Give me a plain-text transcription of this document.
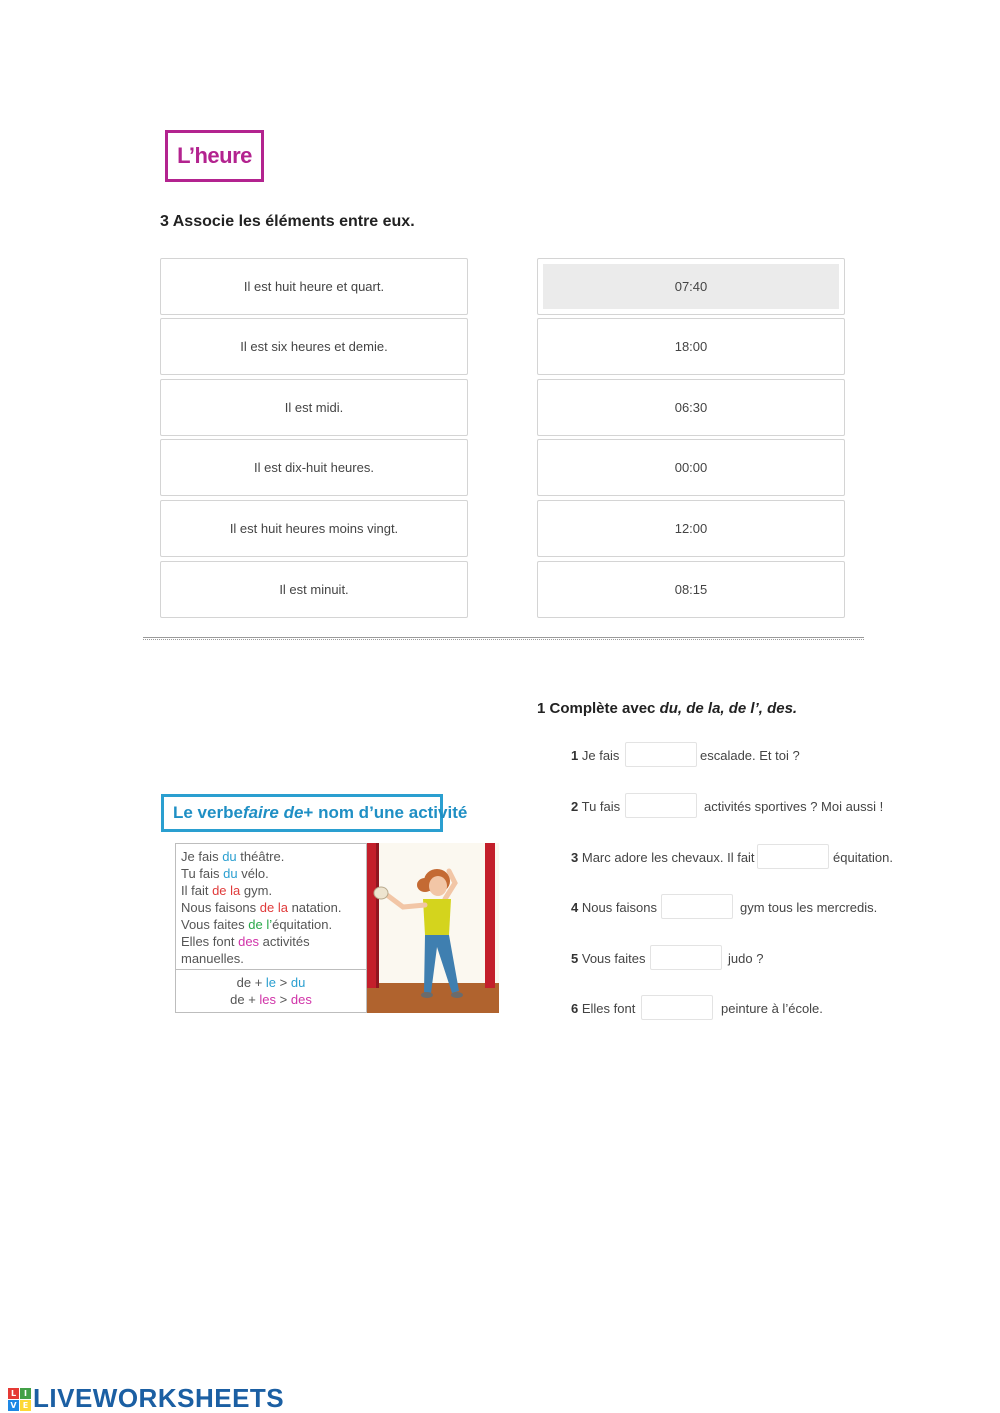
L’heure
3 Associe les éléments entre eux.
Il est huit heure et quart.
Il est six heures et demie.
Il est midi.
Il est dix-huit heures.
Il est huit heures moins vingt.
Il est minuit.
07:40
18:00
06:30
00:00
12:00
08:15
1 Complète avec du, de la, de l’, des.
1 Je fais	escalade. Et toi ?
2 Tu fais	activités sportives ? Moi aussi !
3 Marc adore les chevaux. Il fait	équitation.
4 Nous faisons	gym tous les mercredis.
5 Vous faites	judo ?
6 Elles font	peinture à l’école.
Le verbe faire de + nom d’une activité
Je fais du théâtre.
Tu fais du vélo.
Il fait de la gym.
Nous faisons de la natation.
Vous faites de l’équitation.
Elles font des activités
manuelles.
de + le > du
de + les > des
L I
V E LIVEWORKSHEETS
